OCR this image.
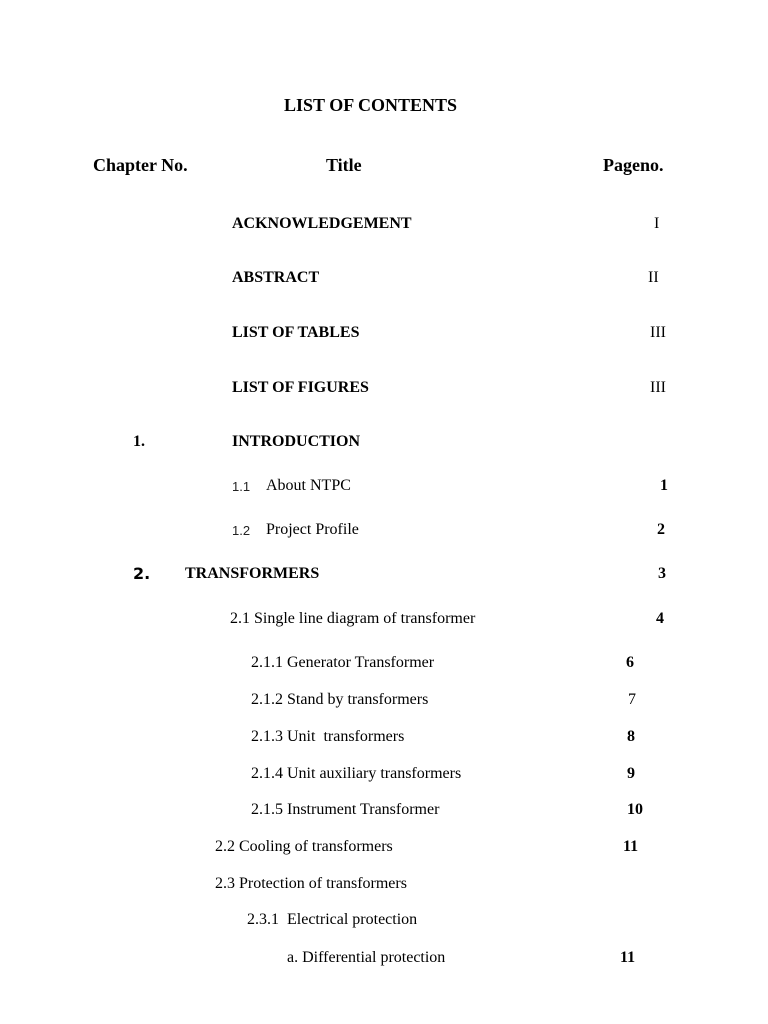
LIST OF CONTENTS
Chapter No.	Title	Pageno.
ACKNOWLEDGEMENT	I
ABSTRACT	II
LIST OF TABLES	III
LIST OF FIGURES	III
1.	INTRODUCTION
1.1 About NTPC	1
1.2 Project Profile	2
2. TRANSFORMERS	3
2.1 Single line diagram of transformer	4
2.1.1 Generator Transformer	6
2.1.2 Stand by transformers	7
2.1.3 Unit  transformers	8
2.1.4 Unit auxiliary transformers	9
2.1.5 Instrument Transformer	10
2.2 Cooling of transformers	11
2.3 Protection of transformers
2.3.1  Electrical protection
a. Differential protection	11
